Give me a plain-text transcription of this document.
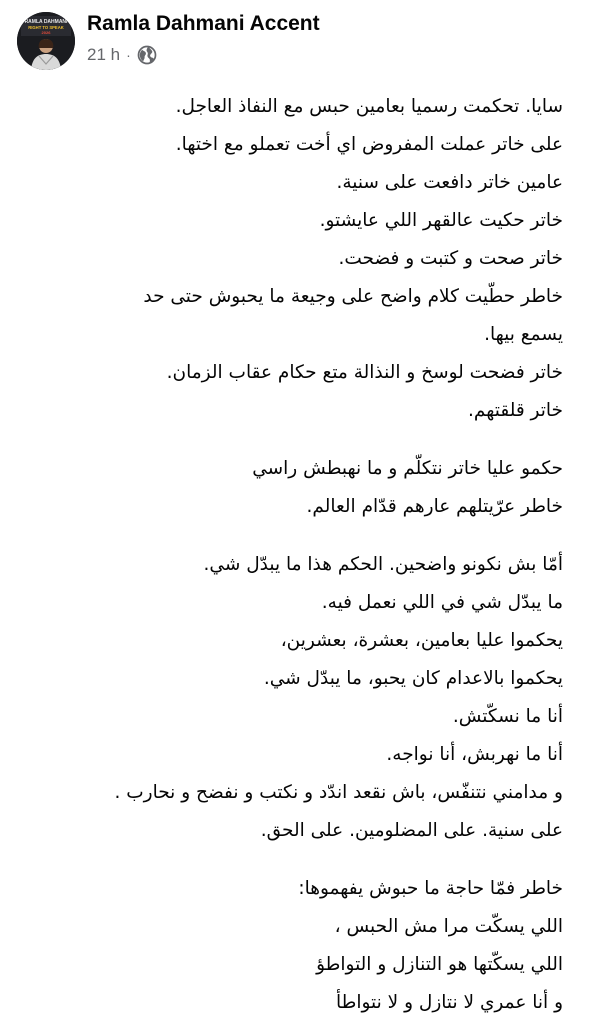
RAMLA DAHMANI
RIGHT TO SPEAK
2026 Ramla Dahmani Accent
21 h ·
سايا. تحكمت رسميا بعامين حبس مع النفاذ العاجل.
على خاتر عملت المفروض اي أخت تعملو مع اختها.
عامين خاتر دافعت على سنية.
خاتر حكيت عالقهر اللي عايشتو.
خاتر صحت و كتبت و فضحت.
خاطر حطّيت كلام واضح على وجيعة ما يحبوش حتى حد
يسمع بيها.
خاتر فضحت لوسخ و النذالة متع حكام عقاب الزمان.
خاتر قلقتهم.
حكمو عليا خاتر نتكلّم و ما نهبطش راسي
خاطر عرّيتلهم عارهم قدّام العالم.
أمّا بش نكونو واضحين. الحكم هذا ما يبدّل شي.
ما يبدّل شي في اللي نعمل فيه.
يحكموا عليا بعامين، بعشرة، بعشرين،
يحكموا بالاعدام كان يحبو، ما يبدّل شي.
أنا ما نسكّتش.
أنا ما نهربش، أنا نواجه.
و مدامني نتنفّس، باش نقعد اندّد و نكتب و نفضح و نحارب .
على سنية. على المضلومين. على الحق.
خاطر فمّا حاجة ما حبوش يفهموها:
اللي يسكّت مرا مش الحبس ،
اللي يسكّتها هو التنازل و التواطؤ
و أنا عمري لا نتازل و لا نتواطأ
